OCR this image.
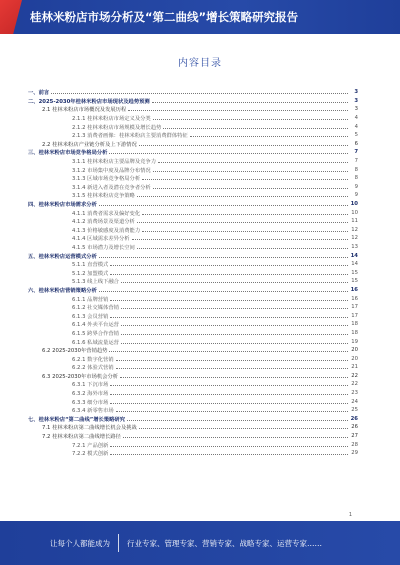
桂林米粉店市场分析及“第二曲线”增长策略研究报告
内容目录
一、前言	3
二、2025-2030年桂林米粉店市场现状及趋势预测	3
2.1 桂林米粉店市场概况及发展历程	3
2.1.1 桂林米粉店市场定义及分类	4
2.1.2 桂林米粉店市场规模及增长趋势	4
2.1.3 消费者画像：桂林米粉店主要消费群体特征	5
2.2 桂林米粉店产业链分析及上下游情况	6
三、桂林米粉店市场竞争格局分析	7
3.1.1 桂林米粉店主要品牌及竞争力	7
3.1.2 市场集中度及品牌分布情况	8
3.1.3 区域市场竞争格局分析	8
3.1.4 新进入者及潜在竞争者分析	9
3.1.5 桂林米粉店竞争策略	9
四、桂林米粉店市场需求分析	10
4.1.1 消费者需求及偏好变化	10
4.1.2 消费场景及渠道分析	11
4.1.3 价格敏感度及消费能力	12
4.1.4 区域需求差异分析	12
4.1.5 市场潜力及增长空间	13
五、桂林米粉店运营模式分析	14
5.1.1 直营模式	14
5.1.2 加盟模式	15
5.1.3 线上线下融合	15
六、桂林米粉店营销策略分析	16
6.1.1 品牌营销	16
6.1.2 社交媒体营销	17
6.1.3 会员营销	17
6.1.4 外卖平台运营	18
6.1.5 跨界合作营销	18
6.1.6 私域流量运营	19
6.2 2025-2030年营销趋势	20
6.2.1 数字化营销	20
6.2.2 体验式营销	21
6.3 2025-2030年市场机会分析	22
6.3.1 下沉市场	22
6.3.2 海外市场	23
6.3.3 细分市场	24
6.3.4 新零售市场	25
七、桂林米粉店“第二曲线”增长策略研究	26
7.1 桂林米粉店第二曲线增长机会及挑战	26
7.2 桂林米粉店第二曲线增长路径	27
7.2.1 产品创新	28
7.2.2 模式创新	29
1
让每个人都能成为 行业专家、管理专家、营销专家、战略专家、运营专家……
